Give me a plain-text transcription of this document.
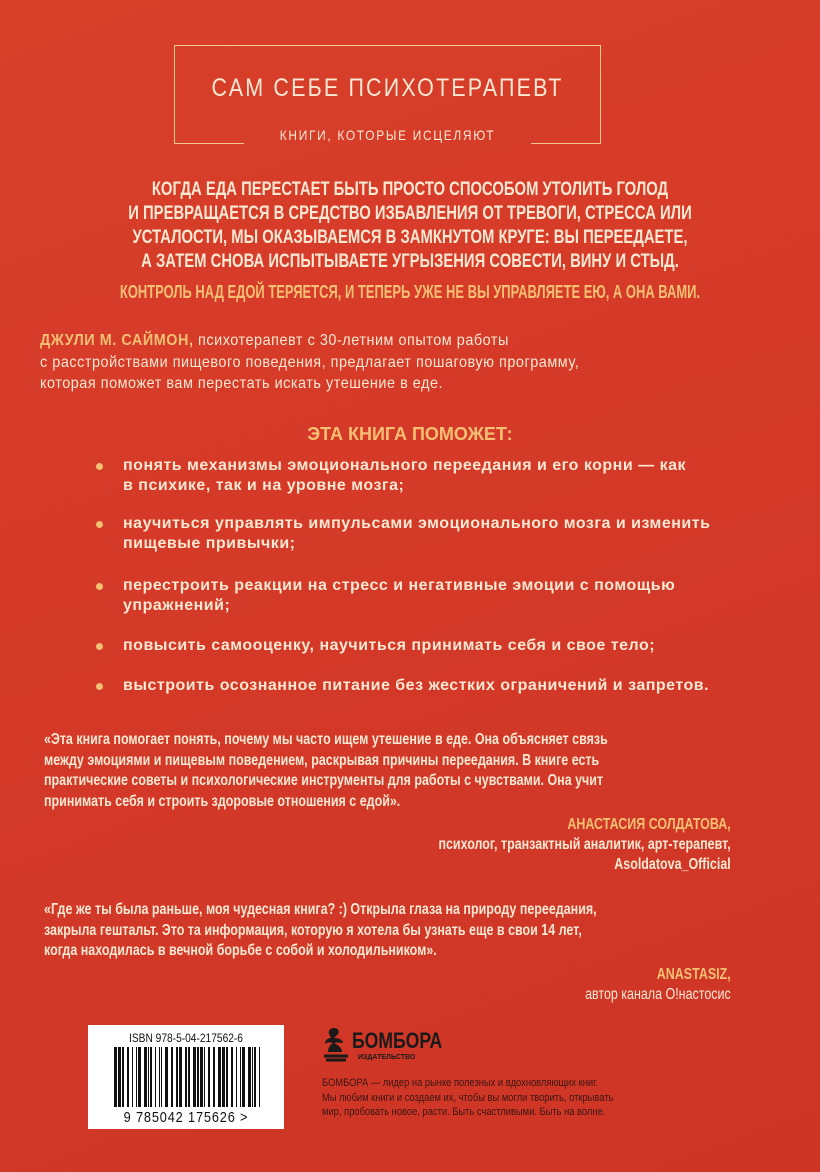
САМ СЕБЕ ПСИХОТЕРАПЕВТ
КНИГИ, КОТОРЫЕ ИСЦЕЛЯЮТ
КОГДА ЕДА ПЕРЕСТАЕТ БЫТЬ ПРОСТО СПОСОБОМ УТОЛИТЬ ГОЛОД
И ПРЕВРАЩАЕТСЯ В СРЕДСТВО ИЗБАВЛЕНИЯ ОТ ТРЕВОГИ, СТРЕССА ИЛИ
УСТАЛОСТИ, МЫ ОКАЗЫВАЕМСЯ В ЗАМКНУТОМ КРУГЕ: ВЫ ПЕРЕЕДАЕТЕ,
А ЗАТЕМ СНОВА ИСПЫТЫВАЕТЕ УГРЫЗЕНИЯ СОВЕСТИ, ВИНУ И СТЫД.
КОНТРОЛЬ НАД ЕДОЙ ТЕРЯЕТСЯ, И ТЕПЕРЬ УЖЕ НЕ ВЫ УПРАВЛЯЕТЕ ЕЮ, А ОНА ВАМИ.
ДЖУЛИ М. САЙМОН, психотерапевт с 30-летним опытом работы
с расстройствами пищевого поведения, предлагает пошаговую программу,
которая поможет вам перестать искать утешение в еде.
ЭТА КНИГА ПОМОЖЕТ:
понять механизмы эмоционального переедания и его корни — как
в психике, так и на уровне мозга;
научиться управлять импульсами эмоционального мозга и изменить
пищевые привычки;
перестроить реакции на стресс и негативные эмоции с помощью
упражнений;
повысить самооценку, научиться принимать себя и свое тело;
выстроить осознанное питание без жестких ограничений и запретов.
«Эта книга помогает понять, почему мы часто ищем утешение в еде. Она объясняет связь
между эмоциями и пищевым поведением, раскрывая причины переедания. В книге есть
практические советы и психологические инструменты для работы с чувствами. Она учит
принимать себя и строить здоровые отношения с едой».
АНАСТАСИЯ СОЛДАТОВА,
психолог, транзактный аналитик, арт-терапевт,
Asoldatova_Official
«Где же ты была раньше, моя чудесная книга? :) Открыла глаза на природу переедания,
закрыла гештальт. Это та информация, которую я хотела бы узнать еще в свои 14 лет,
когда находилась в вечной борьбе с собой и холодильником».
ANASTASIZ,
автор канала О!настосис
ISBN 978-5-04-217562-6
9 785042 175626 >
БОМБОРА
ИЗДАТЕЛЬСТВО
БОМБОРА — лидер на рынке полезных и вдохновляющих книг.
Мы любим книги и создаем их, чтобы вы могли творить, открывать
мир, пробовать новое, расти. Быть счастливыми. Быть на волне.
